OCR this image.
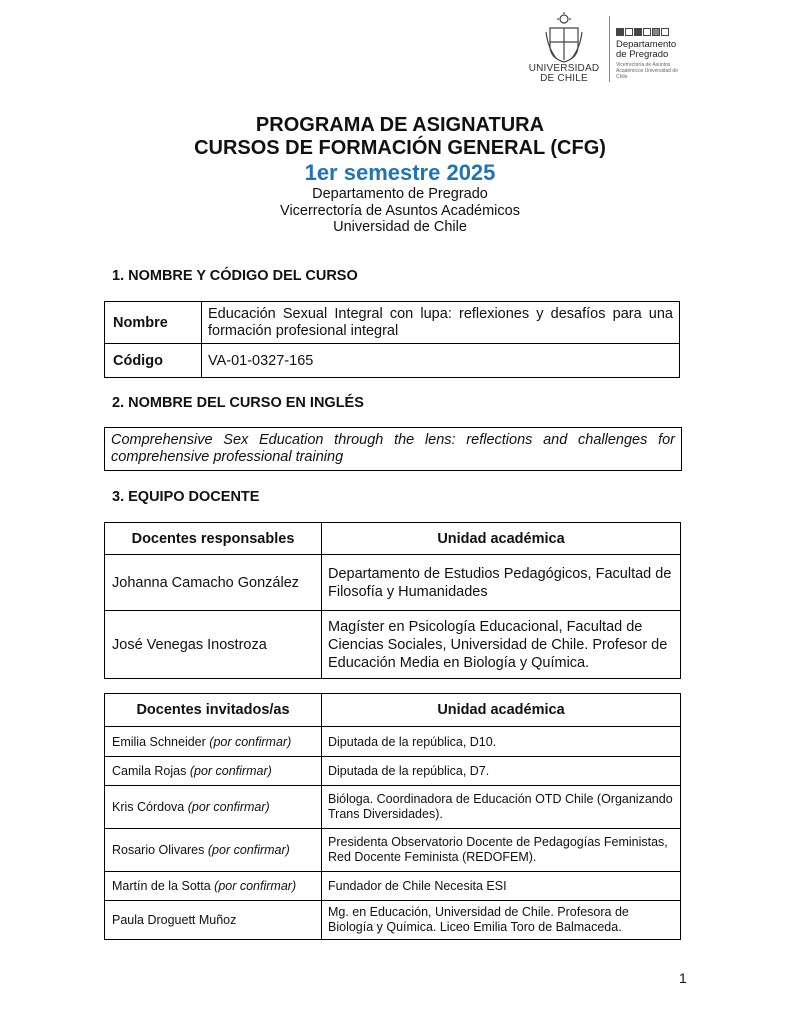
UNIVERSIDAD DE CHILE
Departamento de Pregrado
Vicerrectoría de Asuntos Académicos Universidad de Chile
PROGRAMA DE ASIGNATURA
CURSOS DE FORMACIÓN GENERAL (CFG)
1er semestre 2025
Departamento de Pregrado
Vicerrectoría de Asuntos Académicos
Universidad de Chile
1. NOMBRE Y CÓDIGO DEL CURSO
Nombre	Educación Sexual Integral con lupa: reflexiones y desafíos para una formación profesional integral
Código	VA-01-0327-165
2. NOMBRE DEL CURSO EN INGLÉS
Comprehensive Sex Education through the lens: reflections and challenges for comprehensive professional training
3. EQUIPO DOCENTE
Docentes responsables	Unidad académica
Johanna Camacho González	Departamento de Estudios Pedagógicos, Facultad de Filosofía y Humanidades
José Venegas Inostroza	Magíster en Psicología Educacional, Facultad de Ciencias Sociales, Universidad de Chile. Profesor de Educación Media en Biología y Química.
Docentes invitados/as	Unidad académica
Emilia Schneider (por confirmar)	Diputada de la república, D10.
Camila Rojas (por confirmar)	Diputada de la república, D7.
Kris Córdova (por confirmar)	Bióloga. Coordinadora de Educación OTD Chile (Organizando Trans Diversidades).
Rosario Olivares (por confirmar)	Presidenta Observatorio Docente de Pedagogías Feministas, Red Docente Feminista (REDOFEM).
Martín de la Sotta (por confirmar)	Fundador de Chile Necesita ESI
Paula Droguett Muñoz	Mg. en Educación, Universidad de Chile. Profesora de Biología y Química. Liceo Emilia Toro de Balmaceda.
1
